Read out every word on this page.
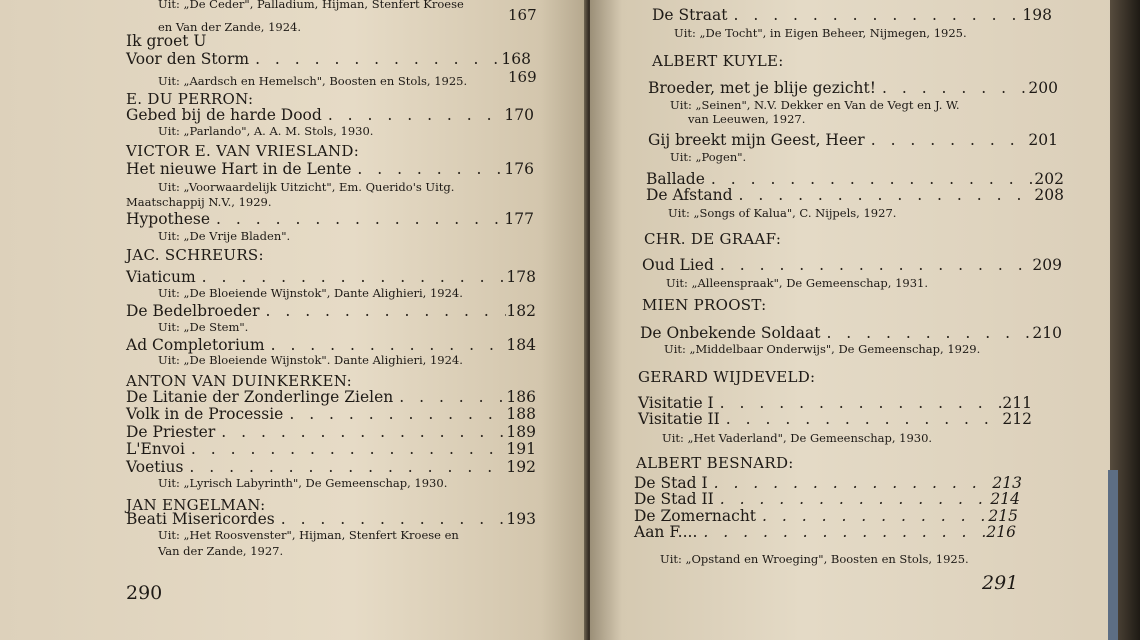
Uit: „De Ceder", Palladium, Hijman, Stenfert Kroese
167
en Van der Zande, 1924.
Ik groet U
Voor den Storm . . .	168
Uit: „Aardsch en Hemelsch", Boosten en Stols, 1925.	169
E. DU PERRON:
Gebed bij de harde Dood . . .	170
Uit: „Parlando", A. A. M. Stols, 1930.
VICTOR E. VAN VRIESLAND:
Het nieuwe Hart in de Lente . . .	176
Uit: „Voorwaardelijk Uitzicht", Em. Querido's Uitg.
Maatschappij N.V., 1929.
Hypothese . . .	177
Uit: „De Vrije Bladen".
JAC. SCHREURS:
Viaticum . . .	178
Uit: „De Bloeiende Wijnstok", Dante Alighieri, 1924.
De Bedelbroeder . . .	182
Uit: „De Stem".
Ad Completorium . . .	184
Uit: „De Bloeiende Wijnstok". Dante Alighieri, 1924.
ANTON VAN DUINKERKEN:
De Litanie der Zonderlinge Zielen . . .	186
Volk in de Processie . . .	188
De Priester . . .	189
L'Envoi . . .	191
Voetius . . .	192
Uit: „Lyrisch Labyrinth", De Gemeenschap, 1930.
JAN ENGELMAN:
Beati Misericordes . . .	193
Uit: „Het Roosvenster", Hijman, Stenfert Kroese en
Van der Zande, 1927.
290
De Straat . . .	198
Uit: „De Tocht", in Eigen Beheer, Nijmegen, 1925.
ALBERT KUYLE:
Broeder, met je blije gezicht! . . .	200
Uit: „Seinen", N.V. Dekker en Van de Vegt en J. W.
van Leeuwen, 1927.
Gij breekt mijn Geest, Heer . . .	201
Uit: „Pogen".
Ballade . . .	202
De Afstand . . .	208
Uit: „Songs of Kalua", C. Nijpels, 1927.
CHR. DE GRAAF:
Oud Lied . . .	209
Uit: „Alleenspraak", De Gemeenschap, 1931.
MIEN PROOST:
De Onbekende Soldaat . . .	210
Uit: „Middelbaar Onderwijs", De Gemeenschap, 1929.
GERARD WIJDEVELD:
Visitatie I . . .	211
Visitatie II . . .	212
Uit: „Het Vaderland", De Gemeenschap, 1930.
ALBERT BESNARD:
De Stad I . . .	213
De Stad II . . .	214
De Zomernacht . . .	215
Aan F.... . . .	216
Uit: „Opstand en Wroeging", Boosten en Stols, 1925.
291
